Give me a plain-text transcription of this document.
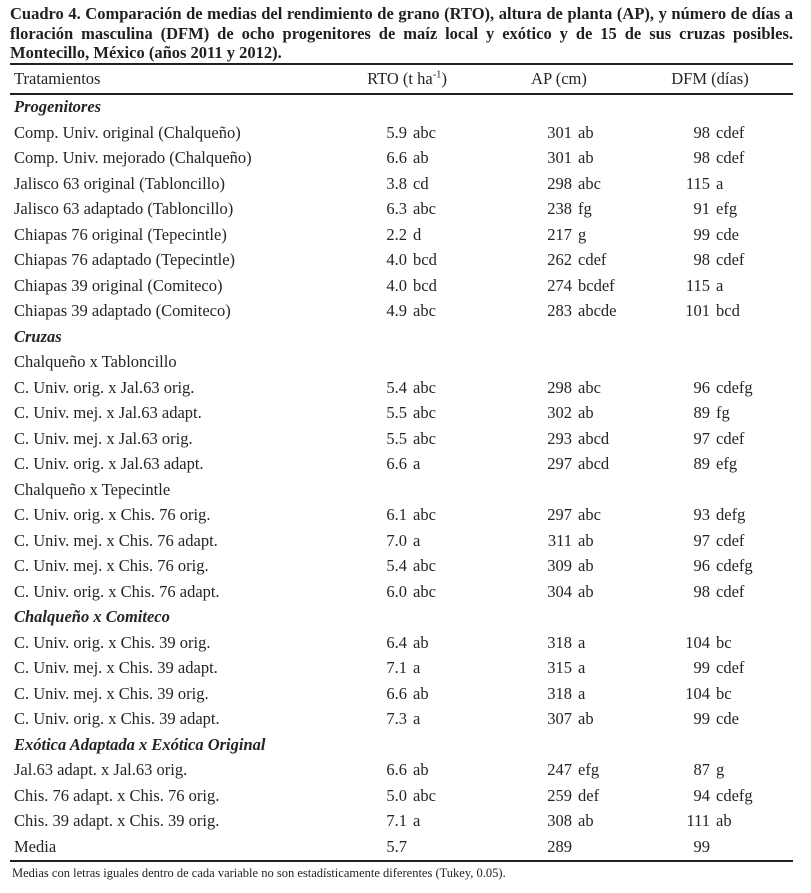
Cuadro 4. Comparación de medias del rendimiento de grano (RTO), altura de planta (AP), y número de días a floración masculina (DFM) de ocho progenitores de maíz local y exótico y de 15 de sus cruzas posibles. Montecillo, México (años 2011 y 2012).
Tratamientos	RTO (t $ha^{-1}$)	AP (cm)	DFM (días)
Progenitores
Comp. Univ. original (Chalqueño)	5.9 abc	301 ab	98 cdef
Comp. Univ. mejorado (Chalqueño)	6.6 ab	301 ab	98 cdef
Jalisco 63 original (Tabloncillo)	3.8 cd	298 abc	115 a
Jalisco 63 adaptado (Tabloncillo)	6.3 abc	238 fg	91 efg
Chiapas 76 original (Tepecintle)	2.2 d	217 g	99 cde
Chiapas 76 adaptado (Tepecintle)	4.0 bcd	262 cdef	98 cdef
Chiapas 39 original (Comiteco)	4.0 bcd	274 bcdef	115 a
Chiapas 39 adaptado (Comiteco)	4.9 abc	283 abcde	101 bcd
Cruzas
Chalqueño x Tabloncillo
C. Univ. orig. x Jal.63 orig.	5.4 abc	298 abc	96 cdefg
C. Univ. mej. x Jal.63 adapt.	5.5 abc	302 ab	89 fg
C. Univ. mej. x Jal.63 orig.	5.5 abc	293 abcd	97 cdef
C. Univ. orig. x Jal.63 adapt.	6.6 a	297 abcd	89 efg
Chalqueño x Tepecintle
C. Univ. orig. x Chis. 76 orig.	6.1 abc	297 abc	93 defg
C. Univ. mej. x Chis. 76 adapt.	7.0 a	311 ab	97 cdef
C. Univ. mej. x Chis. 76 orig.	5.4 abc	309 ab	96 cdefg
C. Univ. orig. x Chis. 76 adapt.	6.0 abc	304 ab	98 cdef
Chalqueño x Comiteco
C. Univ. orig. x Chis. 39 orig.	6.4 ab	318 a	104 bc
C. Univ. mej. x Chis. 39 adapt.	7.1 a	315 a	99 cdef
C. Univ. mej. x Chis. 39 orig.	6.6 ab	318 a	104 bc
C. Univ. orig. x Chis. 39 adapt.	7.3 a	307 ab	99 cde
Exótica Adaptada x Exótica Original
Jal.63 adapt. x Jal.63 orig.	6.6 ab	247 efg	87 g
Chis. 76 adapt. x Chis. 76 orig.	5.0 abc	259 def	94 cdefg
Chis. 39 adapt. x Chis. 39 orig.	7.1 a	308 ab	111 ab
Media	5.7	289	99
Medias con letras iguales dentro de cada variable no son estadísticamente diferentes (Tukey, 0.05).
